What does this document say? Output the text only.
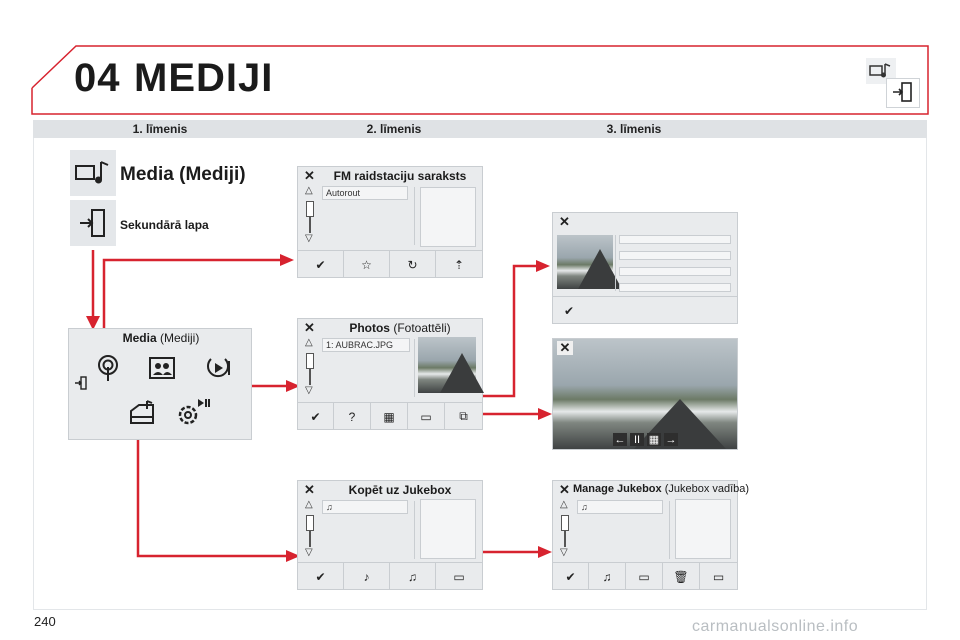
04 MEDIJI
1. līmenis	2. līmenis	3. līmenis
Media (Mediji)
Sekundārā lapa
Media (Mediji)
✕	FM raidstaciju saraksts
△
▽
Autorout
✔	☆	↻	⇡
✕	Photos (Fotoattēli)
△
▽
1: AUBRAC.JPG
✔	?	▦	▭	⧉
✕	Kopēt uz Jukebox
△
▽
♫
✔	♪	♫	▭
✕
✔
✕
← II ▦ →
✕ Manage Jukebox (Jukebox vadība)
△
▽
♫
✔	♫	▭	🗑	▭
240	carmanualsonline.info
